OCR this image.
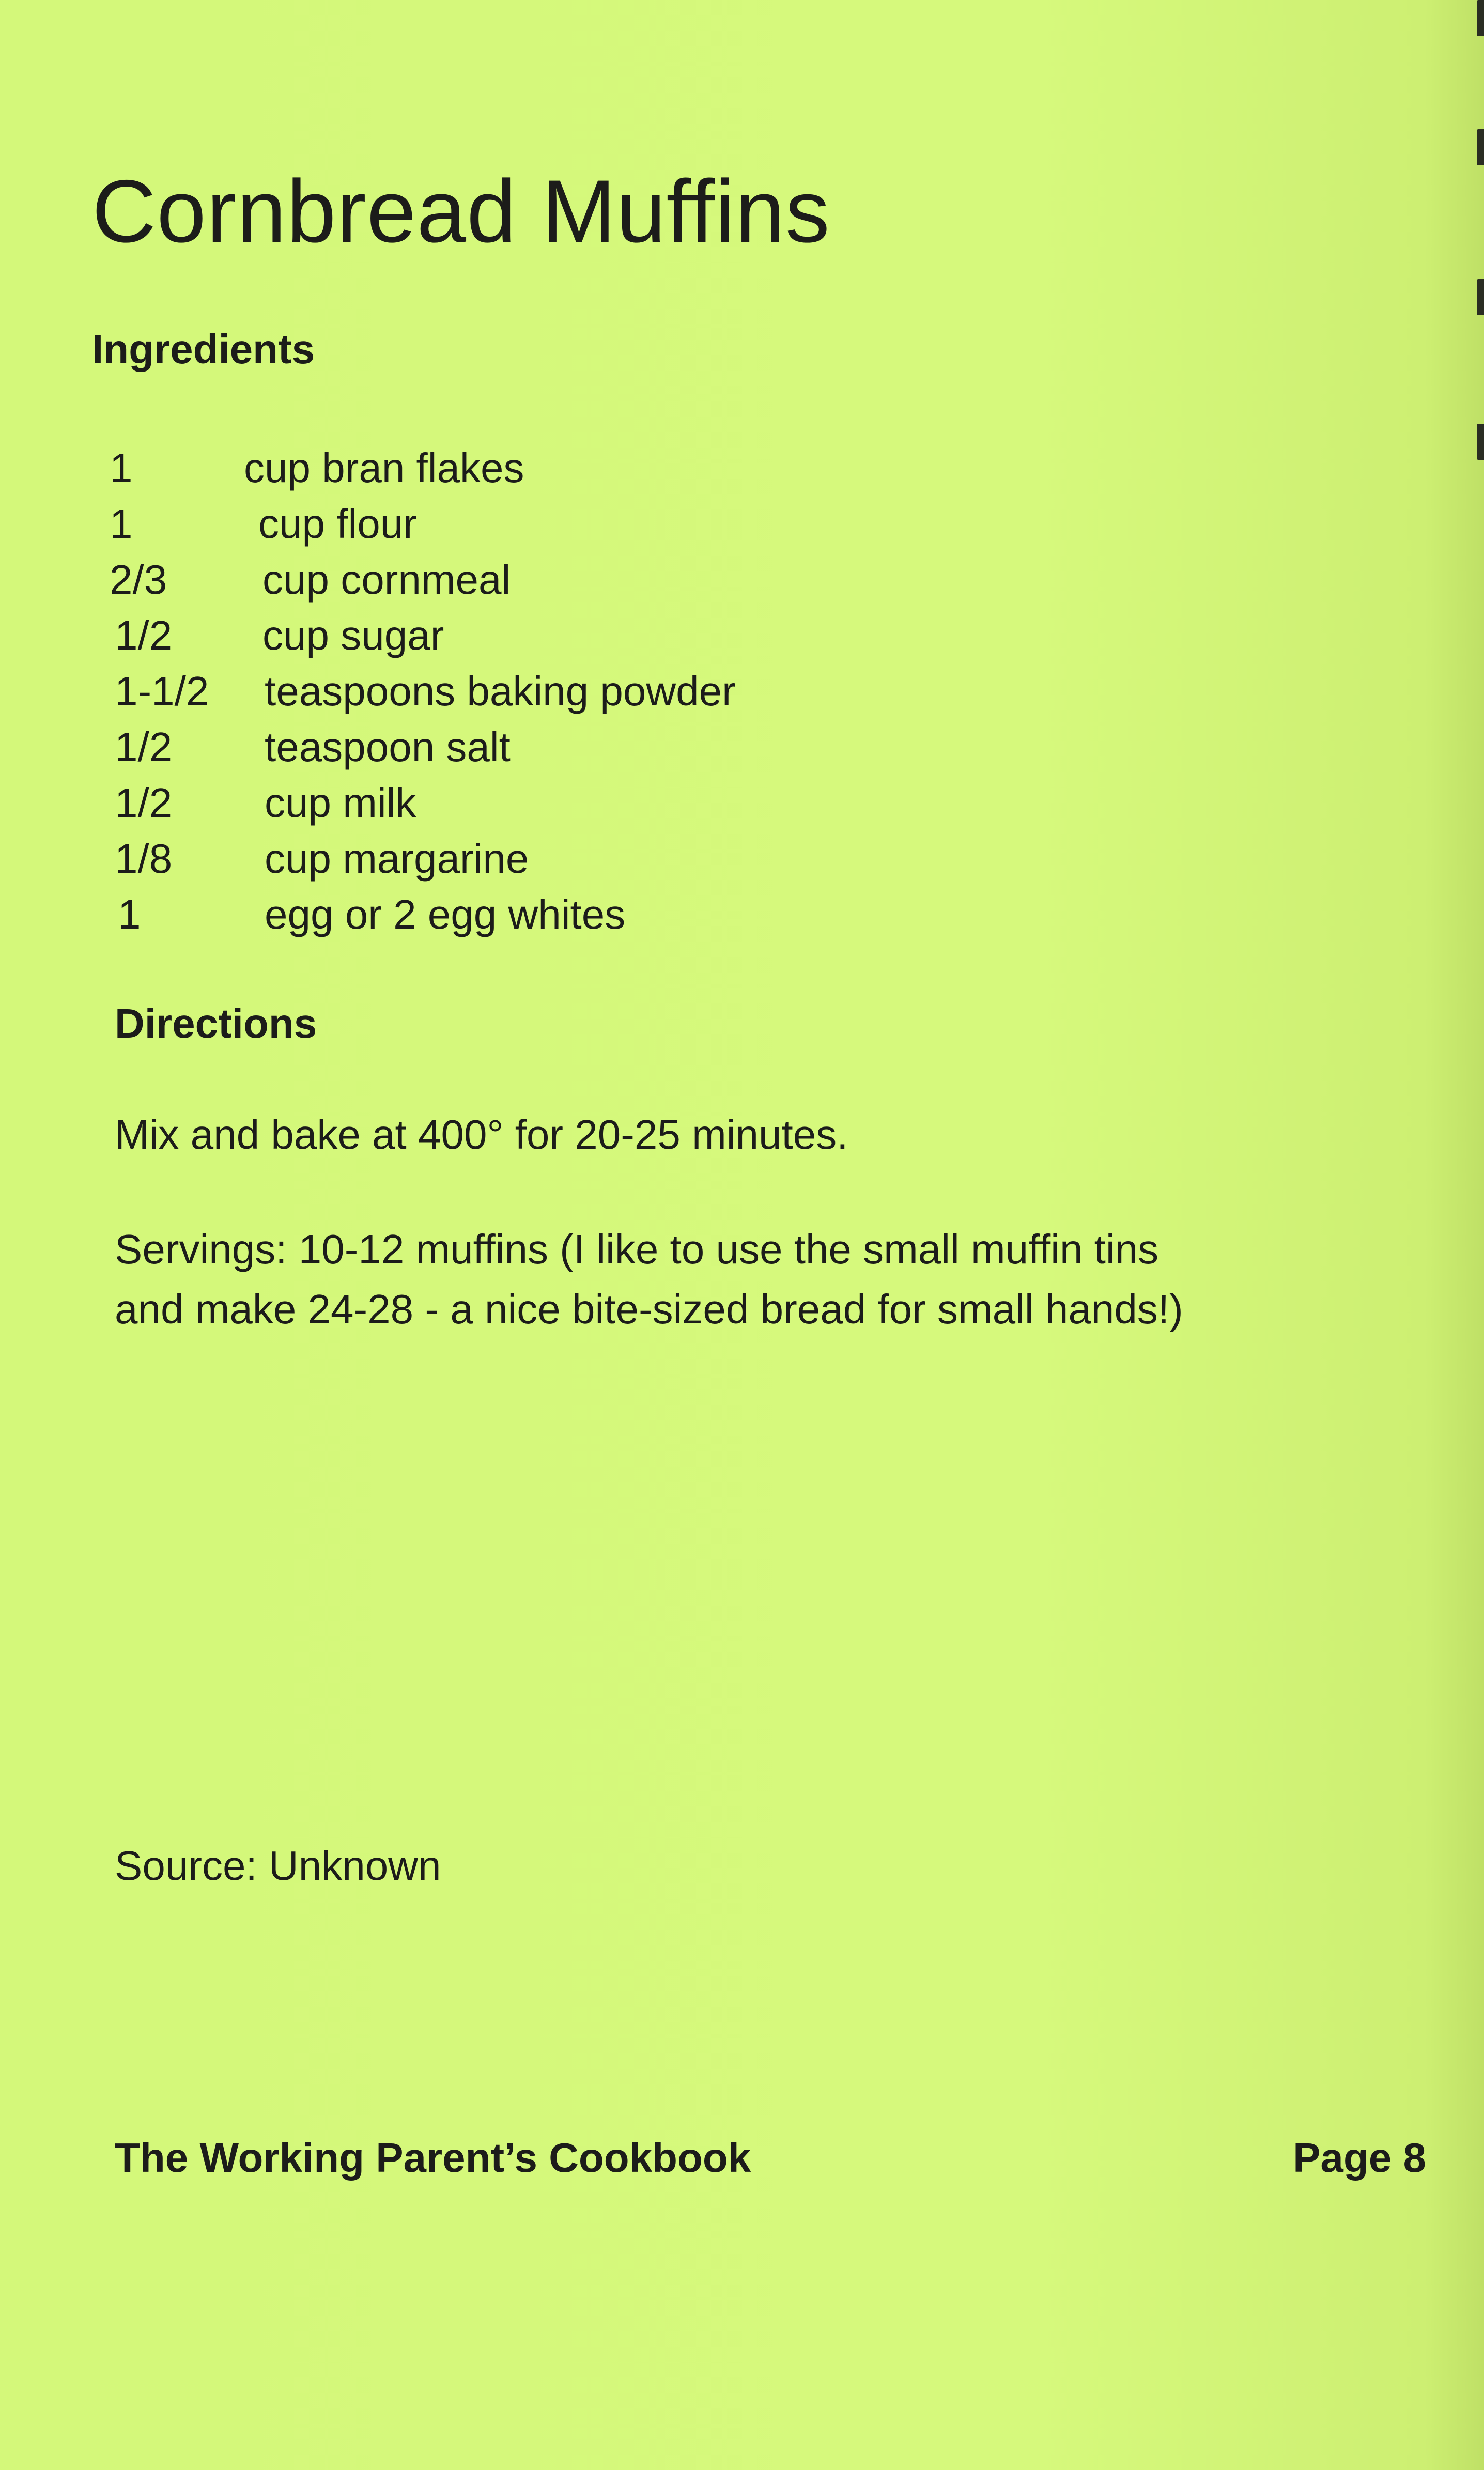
Cornbread Muffins
Ingredients
1	cup bran flakes
1	cup flour
2/3 cup cornmeal
1/2 cup sugar
1-1/2 teaspoons baking powder
1/2 teaspoon salt
1/2 cup milk
1/8 cup margarine
1	egg or 2 egg whites
Directions
Mix and bake at 400° for 20-25 minutes.
Servings: 10-12 muffins (I like to use the small muffin tins
and make 24-28 - a nice bite-sized bread for small hands!)
Source: Unknown
The Working Parent’s Cookbook	Page 8
